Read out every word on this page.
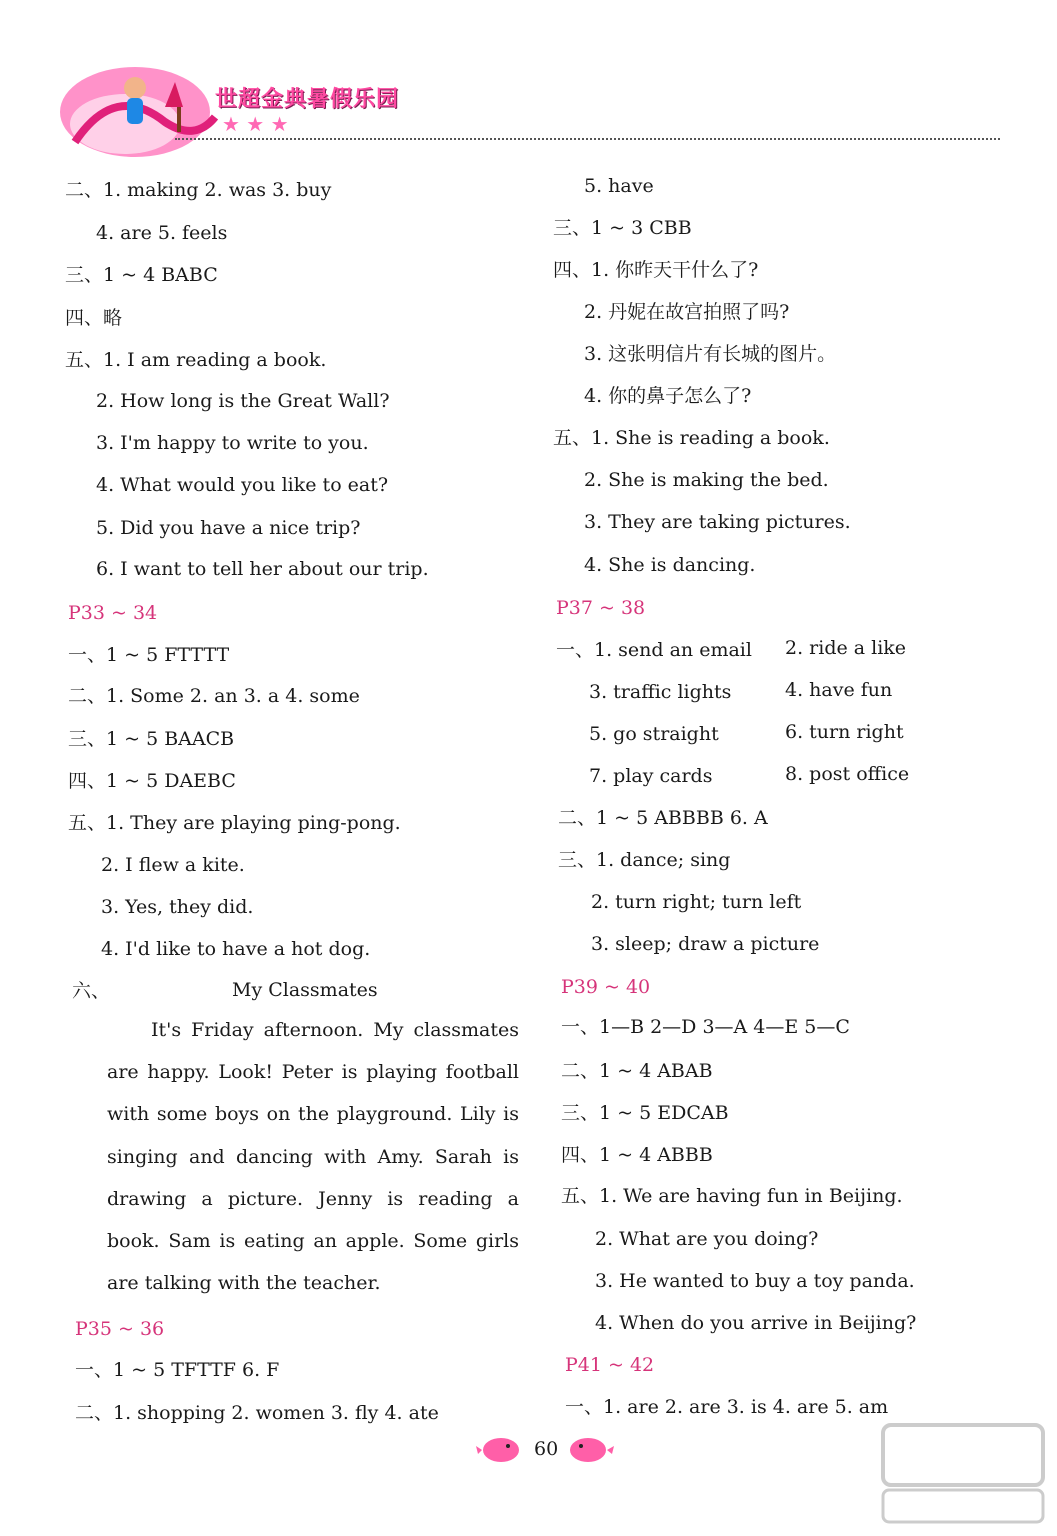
世超金典暑假乐园
★ ★ ★
二、1. making 2. was 3. buy
4. are 5. feels
三、1 ~ 4 BABC
四、略
五、1. I am reading a book.
2. How long is the Great Wall?
3. I'm happy to write to you.
4. What would you like to eat?
5. Did you have a nice trip?
6. I want to tell her about our trip.
P33 ~ 34
一、1 ~ 5 FTTTT
二、1. Some 2. an 3. a 4. some
三、1 ~ 5 BAACB
四、1 ~ 5 DAEBC
五、1. They are playing ping-pong.
2. I flew a kite.
3. Yes, they did.
4. I'd like to have a hot dog.
六、	My Classmates
It's Friday afternoon. My classmates are happy. Look! Peter is playing football with some boys on the playground. Lily is singing and dancing with Amy. Sarah is drawing a picture. Jenny is reading a book. Sam is eating an apple. Some girls are talking with the teacher.
P35 ~ 36
一、1 ~ 5 TFTTF 6. F
二、1. shopping 2. women 3. fly 4. ate
5. have
三、1 ~ 3 CBB
四、1. 你昨天干什么了?
2. 丹妮在故宫拍照了吗?
3. 这张明信片有长城的图片。
4. 你的鼻子怎么了?
五、1. She is reading a book.
2. She is making the bed.
3. They are taking pictures.
4. She is dancing.
P37 ~ 38
一、1. send an email 2. ride a like
3. traffic lights	4. have fun
5. go straight	6. turn right
7. play cards	8. post office
二、1 ~ 5 ABBBB 6. A
三、1. dance; sing
2. turn right; turn left
3. sleep; draw a picture
P39 ~ 40
一、1—B 2—D 3—A 4—E 5—C
二、1 ~ 4 ABAB
三、1 ~ 5 EDCAB
四、1 ~ 4 ABBB
五、1. We are having fun in Beijing.
2. What are you doing?
3. He wanted to buy a toy panda.
4. When do you arrive in Beijing?
P41 ~ 42
一、1. are 2. are 3. is 4. are 5. am
60
